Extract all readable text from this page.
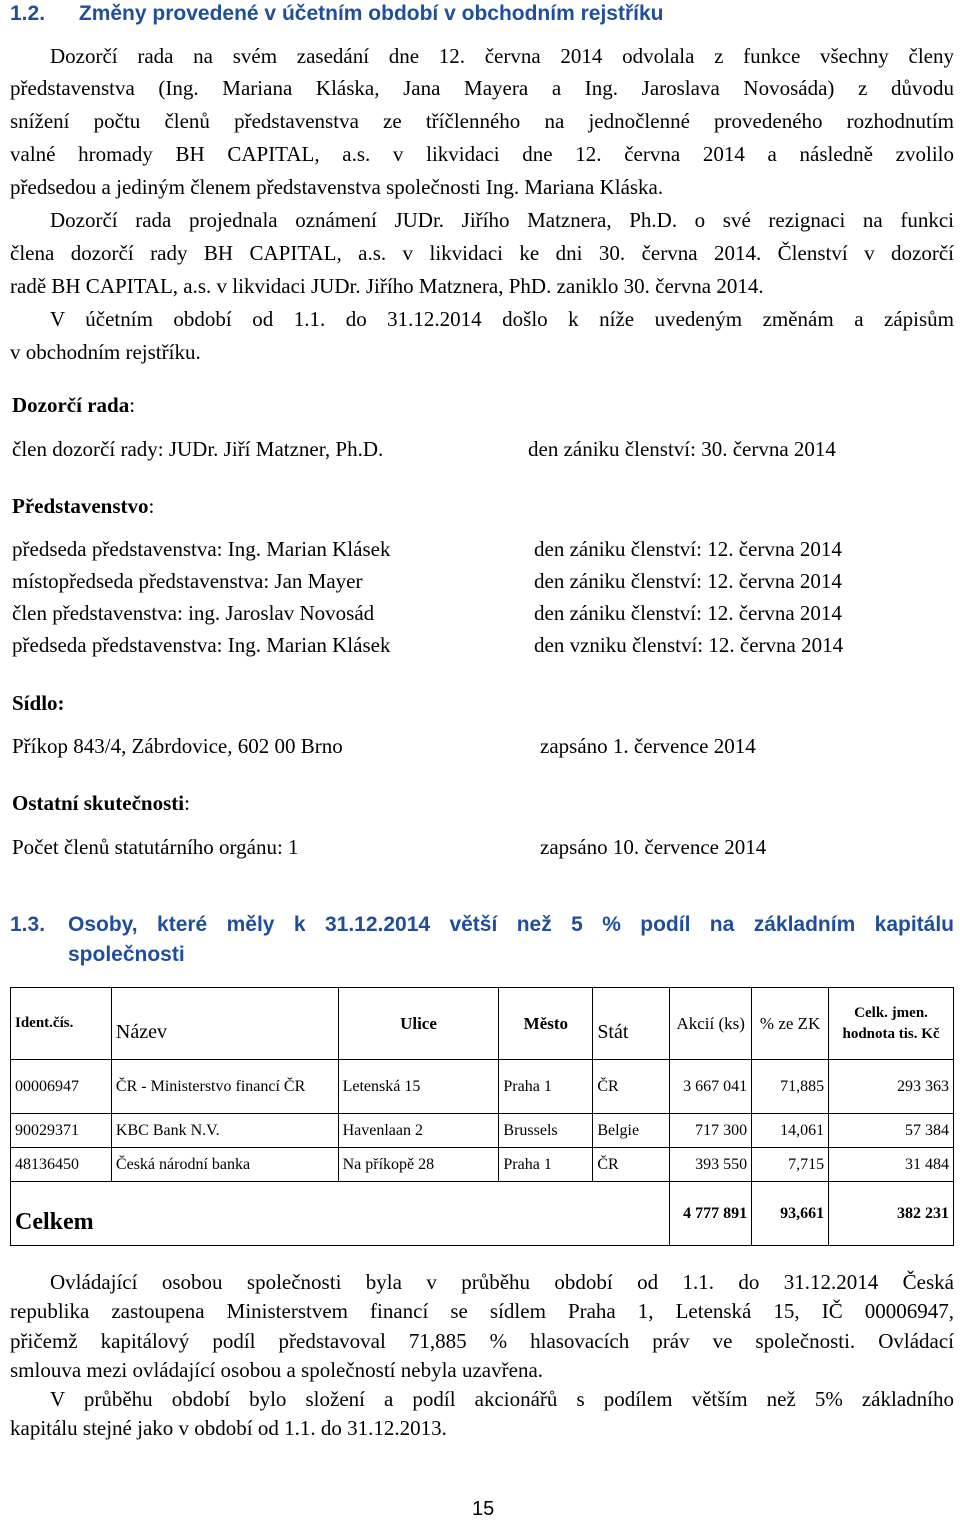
1.2. Změny provedené v účetním období v obchodním rejstříku
Dozorčí rada na svém zasedání dne 12. června 2014 odvolala z funkce všechny členy
představenstva (Ing. Mariana Kláska, Jana Mayera a Ing. Jaroslava Novosáda) z důvodu
snížení počtu členů představenstva ze tříčlenného na jednočlenné provedeného rozhodnutím
valné hromady BH CAPITAL, a.s. v likvidaci dne 12. června 2014 a následně zvolilo
předsedou a jediným členem představenstva společnosti Ing. Mariana Kláska.
Dozorčí rada projednala oznámení JUDr. Jiřího Matznera, Ph.D. o své rezignaci na funkci
člena dozorčí rady BH CAPITAL, a.s. v likvidaci ke dni 30. června 2014. Členství v dozorčí
radě BH CAPITAL, a.s. v likvidaci JUDr. Jiřího Matznera, PhD. zaniklo 30. června 2014.
V účetním období od 1.1. do 31.12.2014 došlo k níže uvedeným změnám a zápisům
v obchodním rejstříku.
Dozorčí rada:
člen dozorčí rady: JUDr. Jiří Matzner, Ph.D.	den zániku členství: 30. června 2014
Představenstvo:
předseda představenstva: Ing. Marian Klásek	den zániku členství: 12. června 2014
místopředseda představenstva: Jan Mayer	den zániku členství: 12. června 2014
člen představenstva: ing. Jaroslav Novosád	den zániku členství: 12. června 2014
předseda představenstva: Ing. Marian Klásek	den vzniku členství: 12. června 2014
Sídlo:
Příkop 843/4, Zábrdovice, 602 00 Brno	zapsáno 1. července 2014
Ostatní skutečnosti:
Počet členů statutárního orgánu: 1	zapsáno 10. července 2014
1.3. Osoby, které měly k 31.12.2014 větší než 5 % podíl na základním kapitálu
společnosti
Ident.čís.	Název	Ulice	Město	Stát	Akcií (ks)	% ze ZK	Celk. jmen. hodnota tis. Kč
00006947	ČR - Ministerstvo financí ČR	Letenská 15	Praha 1	ČR	3 667 041	71,885	293 363
90029371	KBC Bank N.V.	Havenlaan 2	Brussels	Belgie	717 300	14,061	57 384
48136450	Česká národní banka	Na příkopě 28	Praha 1	ČR	393 550	7,715	31 484
Celkem					4 777 891	93,661	382 231
Ovládající osobou společnosti byla v průběhu období od 1.1. do 31.12.2014 Česká
republika zastoupena Ministerstvem financí se sídlem Praha 1, Letenská 15, IČ 00006947,
přičemž kapitálový podíl představoval 71,885 % hlasovacích práv ve společnosti. Ovládací
smlouva mezi ovládající osobou a společností nebyla uzavřena.
V průběhu období bylo složení a podíl akcionářů s podílem větším než 5% základního
kapitálu stejné jako v období od 1.1. do 31.12.2013.
15
